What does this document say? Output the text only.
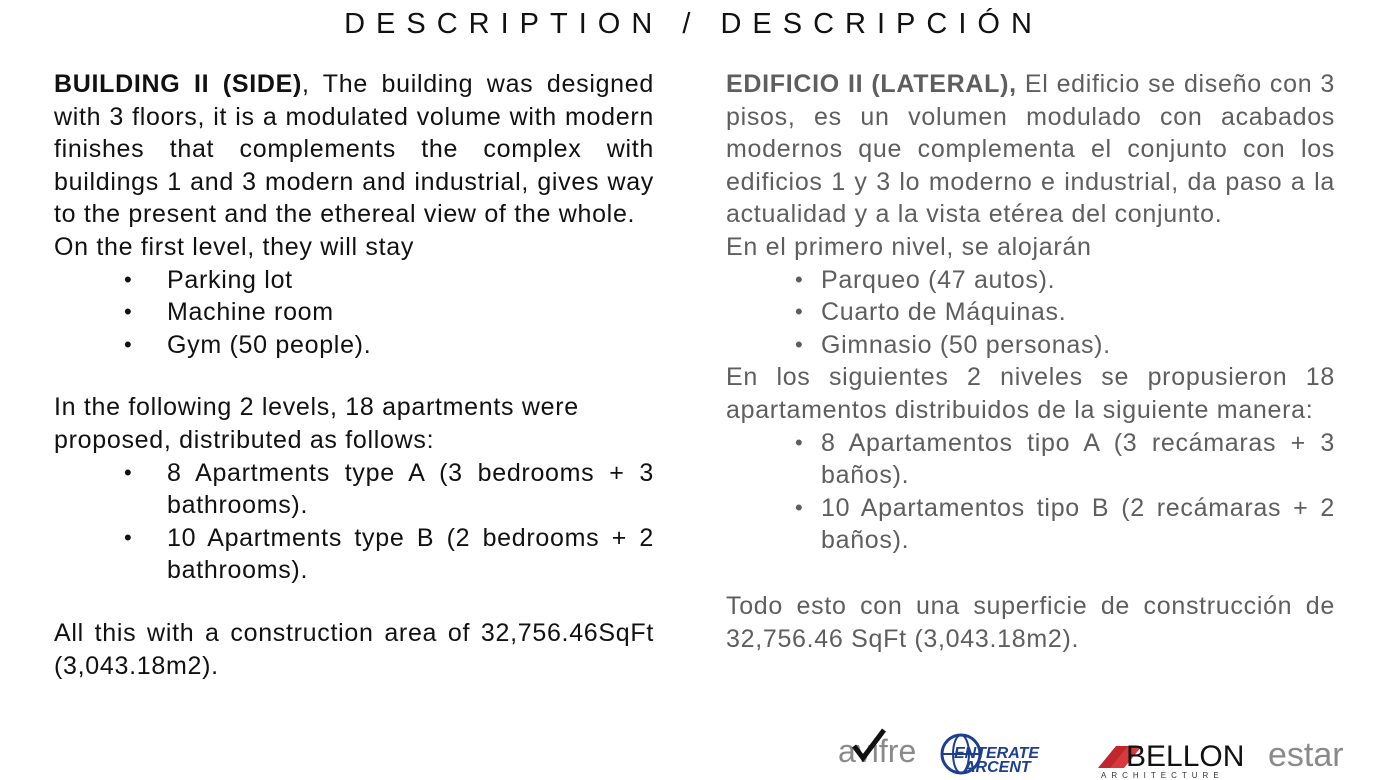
DESCRIPTION / DESCRIPCIÓN

BUILDING II (SIDE), The building was designed with 3 floors, it is a modulated volume with modern finishes that complements the complex with buildings 1 and 3 modern and industrial, gives way to the present and the ethereal view of the whole.

On the first level, they will stay

• Parking lot
• Machine room
• Gym (50 people).

In the following 2 levels, 18 apartments were proposed, distributed as follows:

• 8 Apartments type A (3 bedrooms + 3 bathrooms).
• 10 Apartments type B (2 bedrooms + 2 bathrooms).

All this with a construction area of 32,756.46SqFt (3,043.18m2).

EDIFICIO II (LATERAL), El edificio se diseño con 3 pisos, es un volumen modulado con acabados modernos que complementa el conjunto con los edificios 1 y 3 lo moderno e industrial, da paso a la actualidad y a la vista etérea del conjunto.

En el primero nivel, se alojarán

• Parqueo (47 autos).
• Cuarto de Máquinas.
• Gimnasio (50 personas).

En los siguientes 2 niveles se propusieron 18 apartamentos distribuidos de la siguiente manera:

• 8 Apartamentos tipo A (3 recámaras + 3 baños).
• 10 Apartamentos tipo B (2 recámaras + 2 baños).

Todo esto con una superficie de construcción de 32,756.46 SqFt (3,043.18m2).

avifre ENTERATE
ARCENT	BELLON
ARCHITECTURE
estar
